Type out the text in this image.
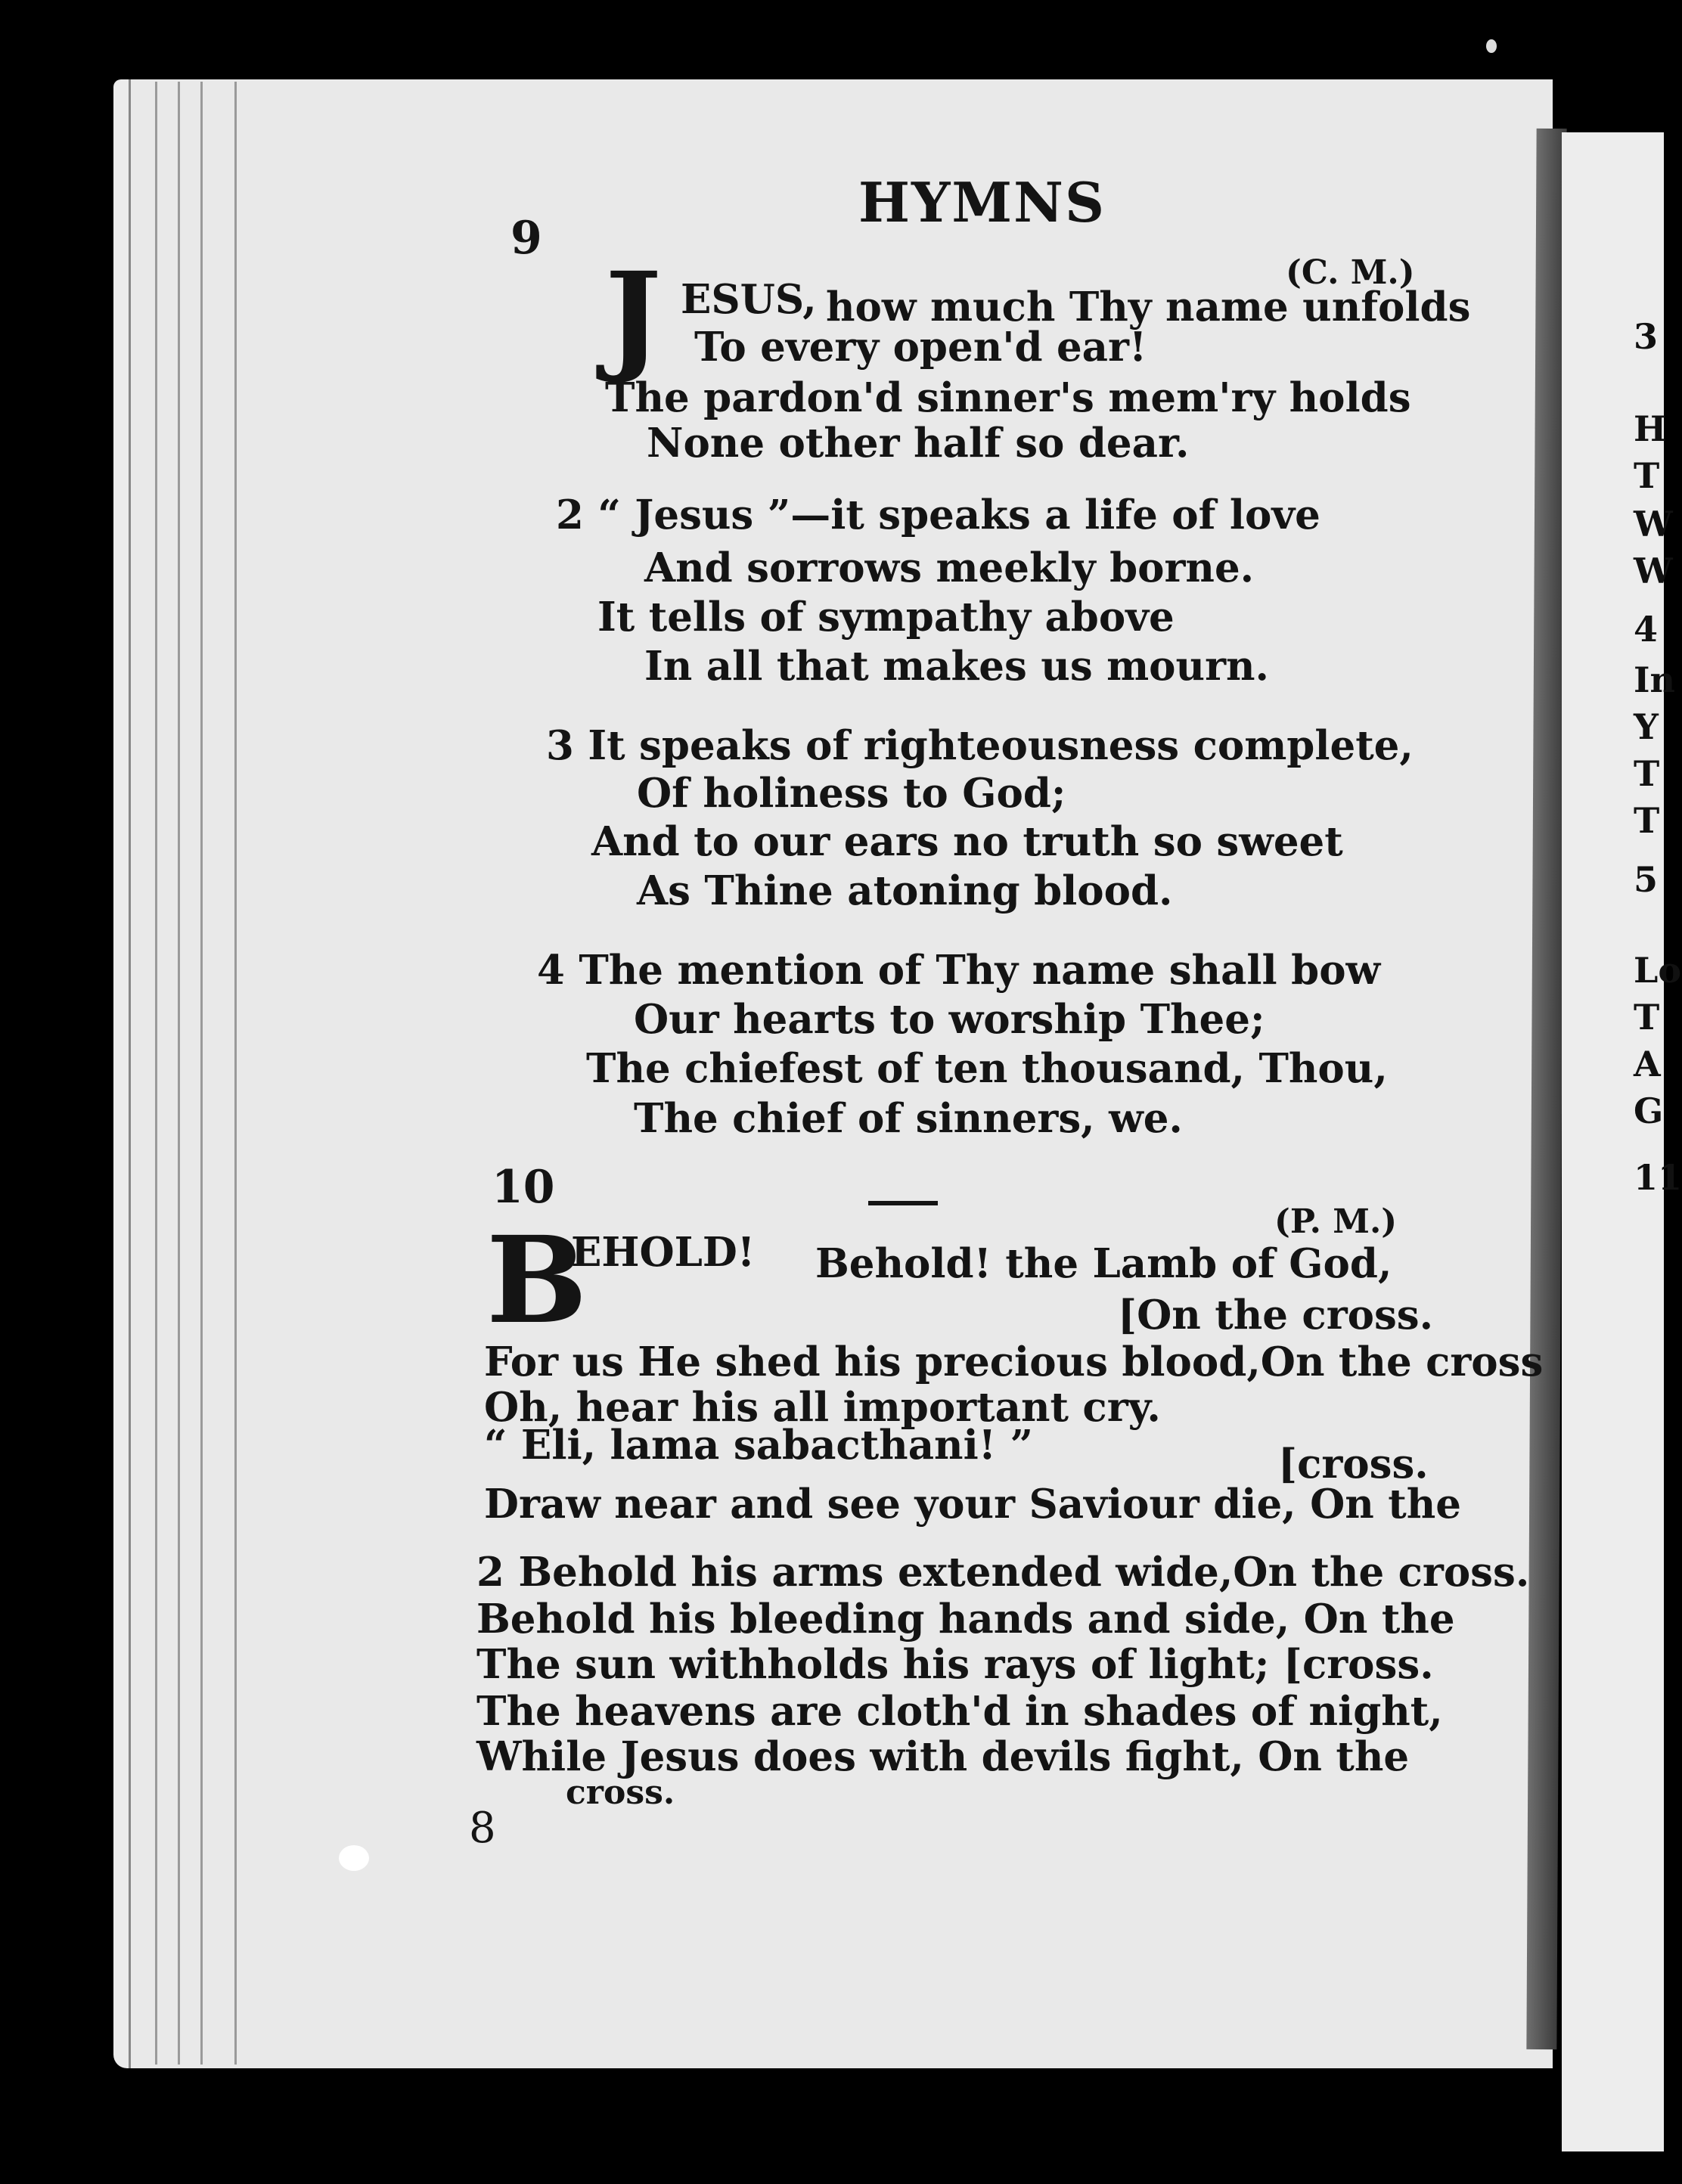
3
H
T
W
W
4
In
Y
T
T
5
Lo
T
A
G
11
HYMNS
9
(C. M.)
J ESUS, how much Thy name unfolds
To every open'd ear!
The pardon'd sinner's mem'ry holds
None other half so dear.
2 “ Jesus ”—it speaks a life of love
And sorrows meekly borne.
It tells of sympathy above
In all that makes us mourn.
3 It speaks of righteousness complete,
Of holiness to God;
And to our ears no truth so sweet
As Thine atoning blood.
4 The mention of Thy name shall bow
Our hearts to worship Thee;
The chiefest of ten thousand, Thou,
The chief of sinners, we.
10
(P. M.)
B
EHOLD! Behold! the Lamb of God,
[On the cross.
For us He shed his precious blood,On the cross
Oh, hear his all important cry.
“ Eli, lama sabacthani! ”	[cross.
Draw near and see your Saviour die, On the
2 Behold his arms extended wide,On the cross.
Behold his bleeding hands and side, On the
The sun withholds his rays of light; [cross.
The heavens are cloth'd in shades of night,
While Jesus does with devils fight, On the
cross.
8
